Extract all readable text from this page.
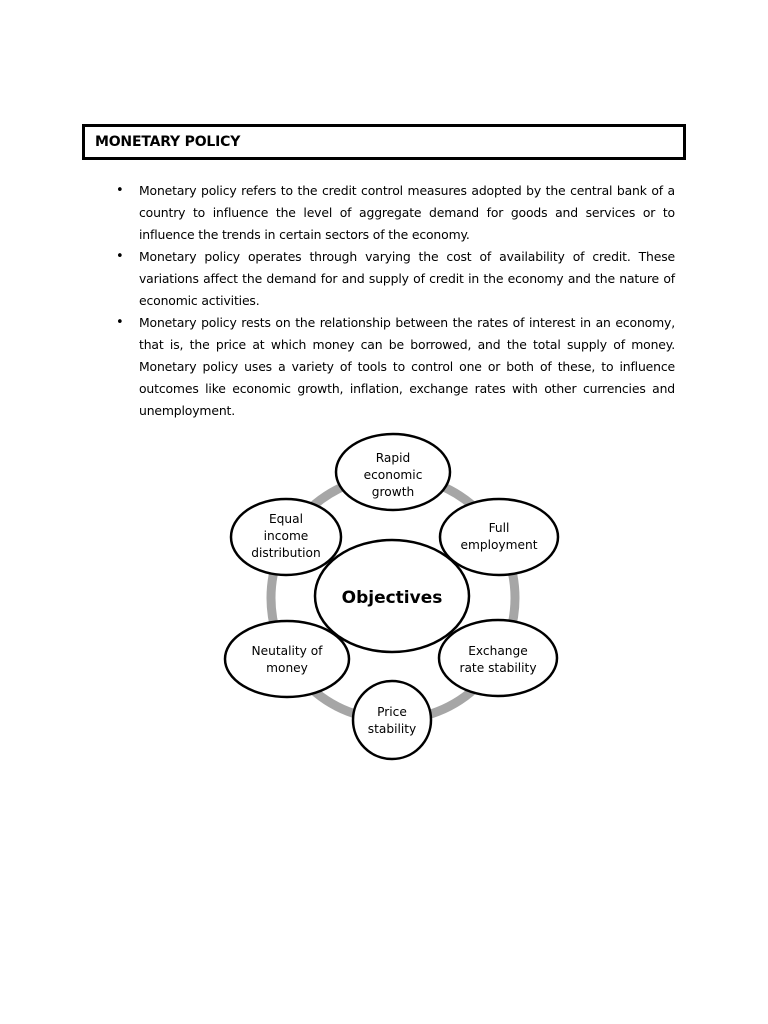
MONETARY POLICY
• Monetary policy refers to the credit control measures adopted by the central bank of a country to influence the level of aggregate demand for goods and services or to influence the trends in certain sectors of the economy.
• Monetary policy operates through varying the cost of availability of credit. These variations affect the demand for and supply of credit in the economy and the nature of economic activities.
• Monetary policy rests on the relationship between the rates of interest in an economy, that is, the price at which money can be borrowed, and the total supply of money. Monetary policy uses a variety of tools to control one or both of these, to influence outcomes like economic growth, inflation, exchange rates with other currencies and unemployment.
Objectives
Rapid
economic
growth
Full
employment
Exchange
rate stability
Price
stability
Neutality of
money
Equal
income
distribution
